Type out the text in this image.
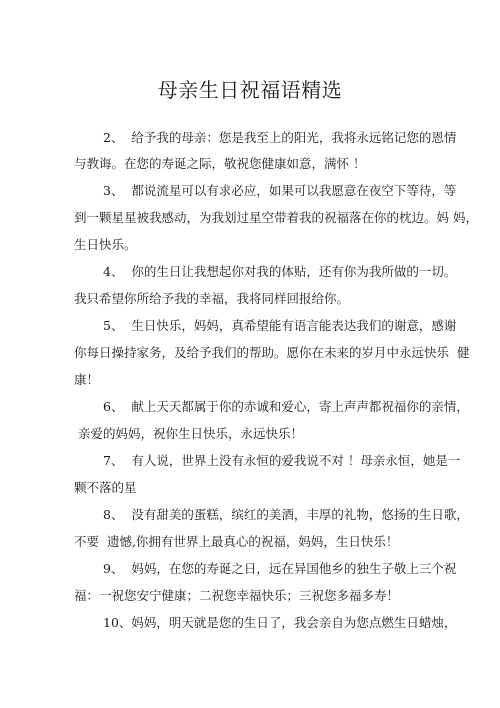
母亲生日祝福语精选
2、  给予我的母亲：您是我至上的阳光，我将永远铭记您的恩情
与教诲。在您的寿诞之际，敬祝您健康如意，满怀 ！
3、  都说流星可以有求必应，如果可以我愿意在夜空下等待，等
到一颗星星被我感动，为我划过星空带着我的祝福落在你的枕边。妈 妈，
生日快乐。
4、  你的生日让我想起你对我的体贴，还有你为我所做的一切。
我只希望你所给予我的幸福，我将同样回报给你。
5、  生日快乐，妈妈，真希望能有语言能表达我们的谢意，感谢
你每日操持家务，及给予我们的帮助。愿你在未来的岁月中永远快乐  健
康！
6、  献上天天都属于你的赤诚和爱心，寄上声声都祝福你的亲情，
亲爱的妈妈，祝你生日快乐，永远快乐！
7、  有人说，世界上没有永恒的爱我说不对 ！母亲永恒，她是一
颗不落的星
8、  没有甜美的蛋糕，缤红的美酒，丰厚的礼物，悠扬的生日歌，
不要  遗憾,你拥有世界上最真心的祝福，妈妈，生日快乐！
9、  妈妈，在您的寿诞之日，远在异国他乡的独生子敬上三个祝
福：一祝您安宁健康；二祝您幸福快乐；三祝您多福多寿！
10、妈妈，明天就是您的生日了，我会亲自为您点燃生日蜡烛，
